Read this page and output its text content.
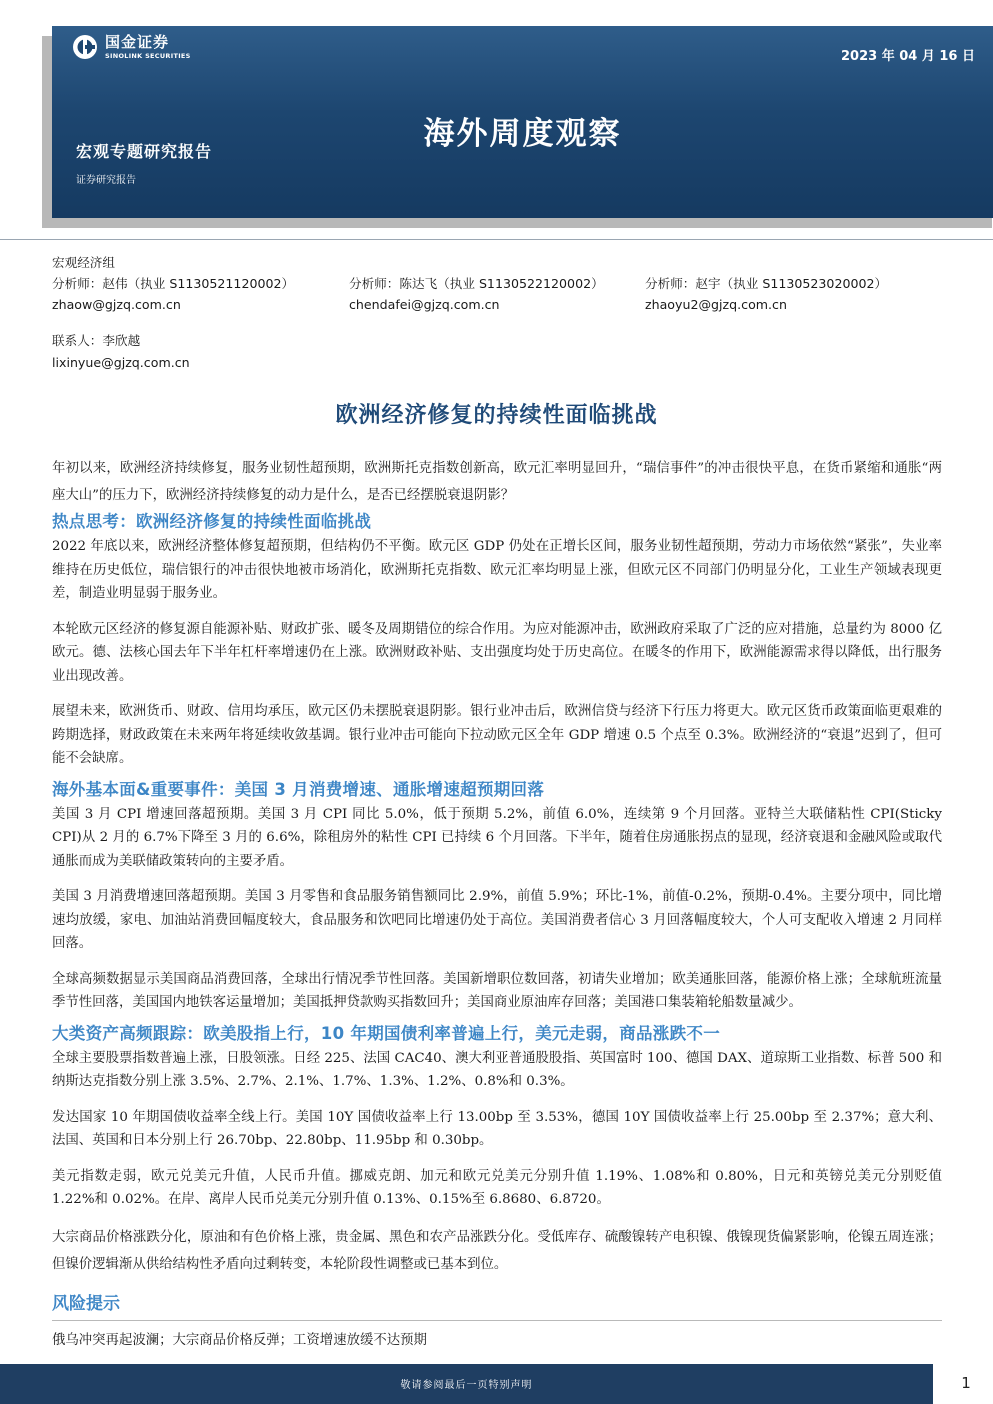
国金证券
SINOLINK SECURITIES	2023 年 04 月 16 日
海外周度观察
宏观专题研究报告
证券研究报告
宏观经济组
分析师：赵伟（执业 S1130521120002）	分析师：陈达飞（执业 S1130522120002）	分析师：赵宇（执业 S1130523020002）
zhaow@gjzq.com.cn	chendafei@gjzq.com.cn	zhaoyu2@gjzq.com.cn
联系人：李欣越
lixinyue@gjzq.com.cn
欧洲经济修复的持续性面临挑战

年初以来，欧洲经济持续修复，服务业韧性超预期，欧洲斯托克指数创新高，欧元汇率明显回升，“瑞信事件”的冲击很快平息，在货币紧缩和通胀“两座大山”的压力下，欧洲经济持续修复的动力是什么，是否已经摆脱衰退阴影？

热点思考：欧洲经济修复的持续性面临挑战

2022 年底以来，欧洲经济整体修复超预期，但结构仍不平衡。欧元区 GDP 仍处在正增长区间，服务业韧性超预期，劳动力市场依然“紧张”，失业率维持在历史低位，瑞信银行的冲击很快地被市场消化，欧洲斯托克指数、欧元汇率均明显上涨，但欧元区不同部门仍明显分化，工业生产领域表现更差，制造业明显弱于服务业。

本轮欧元区经济的修复源自能源补贴、财政扩张、暖冬及周期错位的综合作用。为应对能源冲击，欧洲政府采取了广泛的应对措施，总量约为 8000 亿欧元。德、法核心国去年下半年杠杆率增速仍在上涨。欧洲财政补贴、支出强度均处于历史高位。在暖冬的作用下，欧洲能源需求得以降低，出行服务业出现改善。

展望未来，欧洲货币、财政、信用均承压，欧元区仍未摆脱衰退阴影。银行业冲击后，欧洲信贷与经济下行压力将更大。欧元区货币政策面临更艰难的跨期选择，财政政策在未来两年将延续收敛基调。银行业冲击可能向下拉动欧元区全年 GDP 增速 0.5 个点至 0.3%。欧洲经济的“衰退”迟到了，但可能不会缺席。

海外基本面&重要事件：美国 3 月消费增速、通胀增速超预期回落

美国 3 月 CPI 增速回落超预期。美国 3 月 CPI 同比 5.0%，低于预期 5.2%，前值 6.0%，连续第 9 个月回落。亚特兰大联储粘性 CPI(Sticky CPI)从 2 月的 6.7%下降至 3 月的 6.6%，除租房外的粘性 CPI 已持续 6 个月回落。下半年，随着住房通胀拐点的显现，经济衰退和金融风险或取代通胀而成为美联储政策转向的主要矛盾。

美国 3 月消费增速回落超预期。美国 3 月零售和食品服务销售额同比 2.9%，前值 5.9%；环比-1%，前值-0.2%，预期-0.4%。主要分项中，同比增速均放缓，家电、加油站消费回幅度较大，食品服务和饮吧同比增速仍处于高位。美国消费者信心 3 月回落幅度较大，个人可支配收入增速 2 月同样回落。

全球高频数据显示美国商品消费回落，全球出行情况季节性回落。美国新增职位数回落，初请失业增加；欧美通胀回落，能源价格上涨；全球航班流量季节性回落，美国国内地铁客运量增加；美国抵押贷款购买指数回升；美国商业原油库存回落；美国港口集装箱轮船数量减少。

大类资产高频跟踪：欧美股指上行，10 年期国债利率普遍上行，美元走弱，商品涨跌不一

全球主要股票指数普遍上涨，日股领涨。日经 225、法国 CAC40、澳大利亚普通股股指、英国富时 100、德国 DAX、道琼斯工业指数、标普 500 和纳斯达克指数分别上涨 3.5%、2.7%、2.1%、1.7%、1.3%、1.2%、0.8%和 0.3%。

发达国家 10 年期国债收益率全线上行。美国 10Y 国债收益率上行 13.00bp 至 3.53%，德国 10Y 国债收益率上行 25.00bp 至 2.37%；意大利、法国、英国和日本分别上行 26.70bp、22.80bp、11.95bp 和 0.30bp。

美元指数走弱，欧元兑美元升值，人民币升值。挪威克朗、加元和欧元兑美元分别升值 1.19%、1.08%和 0.80%，日元和英镑兑美元分别贬值 1.22%和 0.02%。在岸、离岸人民币兑美元分别升值 0.13%、0.15%至 6.8680、6.8720。

大宗商品价格涨跌分化，原油和有色价格上涨，贵金属、黑色和农产品涨跌分化。受低库存、硫酸镍转产电积镍、俄镍现货偏紧影响，伦镍五周连涨；但镍价逻辑渐从供给结构性矛盾向过剩转变，本轮阶段性调整或已基本到位。

风险提示

俄乌冲突再起波澜；大宗商品价格反弹；工资增速放缓不达预期

敬请参阅最后一页特别声明	1
